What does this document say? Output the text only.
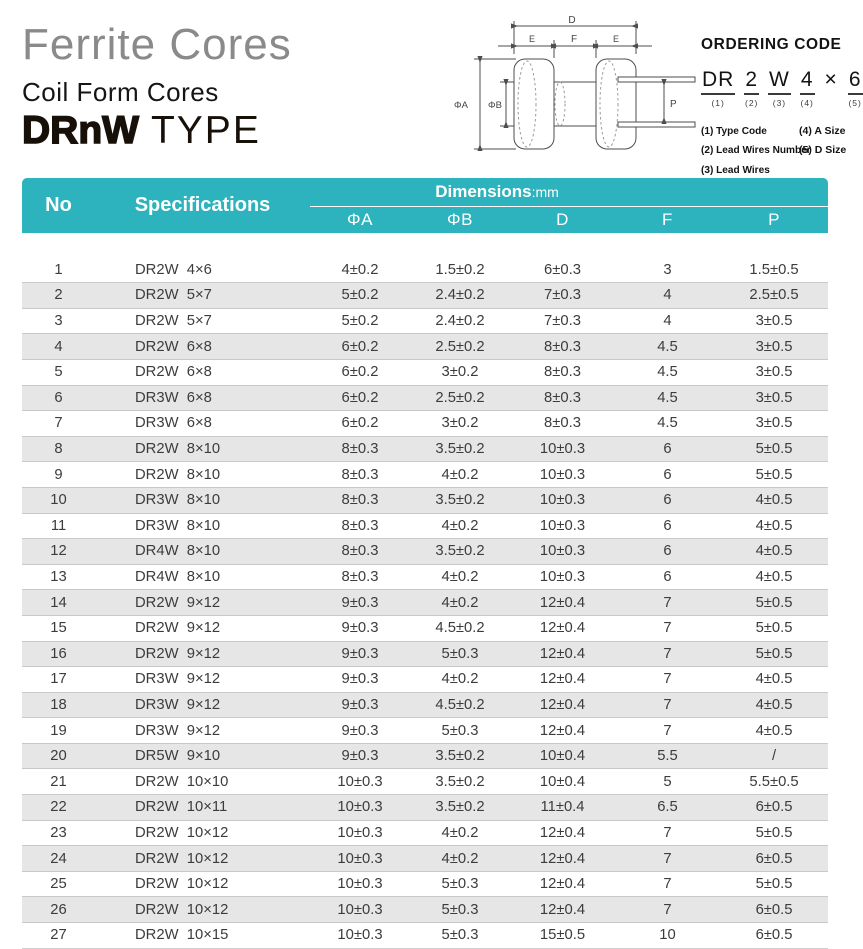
Ferrite Cores
Coil Form Cores
DRnW TYPE
D
E	F	E
ΦA ΦB	P
ORDERING CODE
DR
(1)
2
(2)
W
(3)
4
(4)
× 6
(5)
(1) Type Code
(2) Lead Wires Number
(3) Lead Wires
(4) A Size
(5) D Size
No	Specifications	Dimensions:mm				

		ΦA	ΦB	D	F	P

1	DR2W  4×6	4±0.2	1.5±0.2	6±0.3	3	1.5±0.5
2	DR2W  5×7	5±0.2	2.4±0.2	7±0.3	4	2.5±0.5
3	DR2W  5×7	5±0.2	2.4±0.2	7±0.3	4	3±0.5
4	DR2W  6×8	6±0.2	2.5±0.2	8±0.3	4.5	3±0.5
5	DR2W  6×8	6±0.2	3±0.2	8±0.3	4.5	3±0.5
6	DR3W  6×8	6±0.2	2.5±0.2	8±0.3	4.5	3±0.5
7	DR3W  6×8	6±0.2	3±0.2	8±0.3	4.5	3±0.5
8	DR2W  8×10	8±0.3	3.5±0.2	10±0.3	6	5±0.5
9	DR2W  8×10	8±0.3	4±0.2	10±0.3	6	5±0.5
10	DR3W  8×10	8±0.3	3.5±0.2	10±0.3	6	4±0.5
11	DR3W  8×10	8±0.3	4±0.2	10±0.3	6	4±0.5
12	DR4W  8×10	8±0.3	3.5±0.2	10±0.3	6	4±0.5
13	DR4W  8×10	8±0.3	4±0.2	10±0.3	6	4±0.5
14	DR2W  9×12	9±0.3	4±0.2	12±0.4	7	5±0.5
15	DR2W  9×12	9±0.3	4.5±0.2	12±0.4	7	5±0.5
16	DR2W  9×12	9±0.3	5±0.3	12±0.4	7	5±0.5
17	DR3W  9×12	9±0.3	4±0.2	12±0.4	7	4±0.5
18	DR3W  9×12	9±0.3	4.5±0.2	12±0.4	7	4±0.5
19	DR3W  9×12	9±0.3	5±0.3	12±0.4	7	4±0.5
20	DR5W  9×10	9±0.3	3.5±0.2	10±0.4	5.5	/
21	DR2W  10×10	10±0.3	3.5±0.2	10±0.4	5	5.5±0.5
22	DR2W  10×11	10±0.3	3.5±0.2	11±0.4	6.5	6±0.5
23	DR2W  10×12	10±0.3	4±0.2	12±0.4	7	5±0.5
24	DR2W  10×12	10±0.3	4±0.2	12±0.4	7	6±0.5
25	DR2W  10×12	10±0.3	5±0.3	12±0.4	7	5±0.5
26	DR2W  10×12	10±0.3	5±0.3	12±0.4	7	6±0.5
27	DR2W  10×15	10±0.3	5±0.3	15±0.5	10	6±0.5
